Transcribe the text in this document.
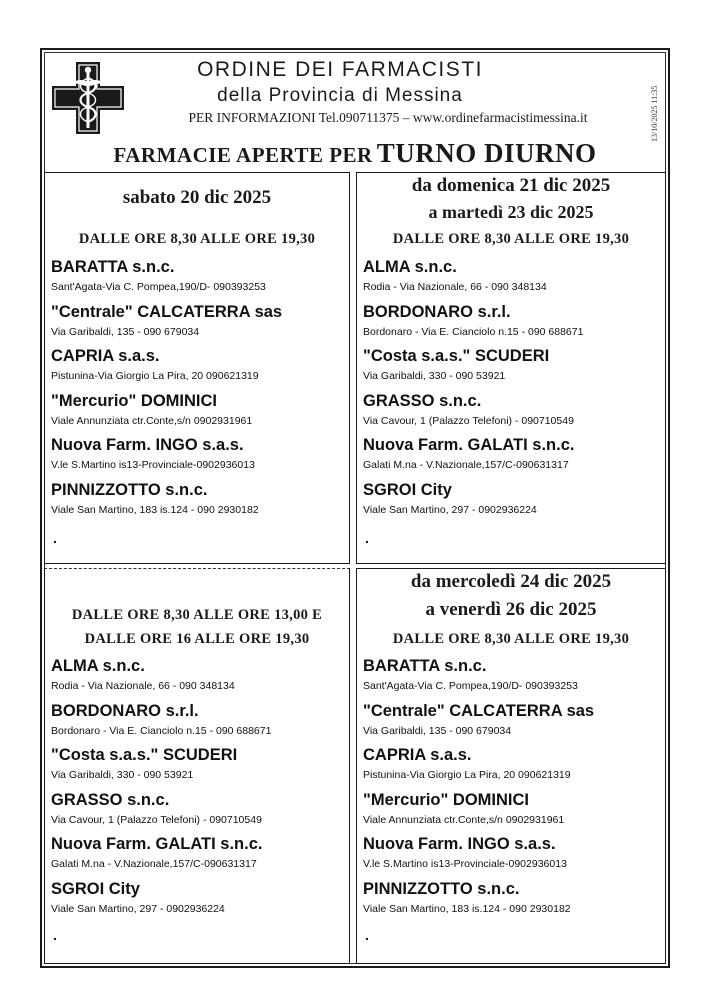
ORDINE DEI FARMACISTI
della Provincia di Messina
PER INFORMAZIONI Tel.090711375 – www.ordinefarmacistimessina.it	13/10/2025 11:35
FARMACIE APERTE PER TURNO DIURNO
sabato 20 dic 2025
DALLE ORE 8,30 ALLE ORE 19,30
BARATTA s.n.c.
Sant'Agata-Via C. Pompea,190/D- 090393253
"Centrale" CALCATERRA sas
Via Garibaldi, 135 - 090 679034
CAPRIA s.a.s.
Pistunina-Via Giorgio La Pira, 20 090621319
"Mercurio" DOMINICI
Viale Annunziata ctr.Conte,s/n 0902931961
Nuova Farm. INGO s.a.s.
V.le S.Martino is13-Provinciale-0902936013
PINNIZZOTTO s.n.c.
Viale San Martino, 183 is.124 - 090 2930182
.
da domenica 21 dic 2025
a martedì 23 dic 2025
DALLE ORE 8,30 ALLE ORE 19,30
ALMA s.n.c.
Rodia - Via Nazionale, 66 - 090 348134
BORDONARO s.r.l.
Bordonaro - Via E. Cianciolo n.15 - 090 688671
"Costa s.a.s." SCUDERI
Via Garibaldi, 330 - 090 53921
GRASSO s.n.c.
Via Cavour, 1 (Palazzo Telefoni) - 090710549
Nuova Farm. GALATI s.n.c.
Galati M.na - V.Nazionale,157/C-090631317
SGROI City
Viale San Martino, 297 - 0902936224
.
DALLE ORE 8,30 ALLE ORE 13,00 E
DALLE ORE 16 ALLE ORE 19,30
ALMA s.n.c.
Rodia - Via Nazionale, 66 - 090 348134
BORDONARO s.r.l.
Bordonaro - Via E. Cianciolo n.15 - 090 688671
"Costa s.a.s." SCUDERI
Via Garibaldi, 330 - 090 53921
GRASSO s.n.c.
Via Cavour, 1 (Palazzo Telefoni) - 090710549
Nuova Farm. GALATI s.n.c.
Galati M.na - V.Nazionale,157/C-090631317
SGROI City
Viale San Martino, 297 - 0902936224
.
da mercoledì 24 dic 2025
a venerdì 26 dic 2025
DALLE ORE 8,30 ALLE ORE 19,30
BARATTA s.n.c.
Sant'Agata-Via C. Pompea,190/D- 090393253
"Centrale" CALCATERRA sas
Via Garibaldi, 135 - 090 679034
CAPRIA s.a.s.
Pistunina-Via Giorgio La Pira, 20 090621319
"Mercurio" DOMINICI
Viale Annunziata ctr.Conte,s/n 0902931961
Nuova Farm. INGO s.a.s.
V.le S.Martino is13-Provinciale-0902936013
PINNIZZOTTO s.n.c.
Viale San Martino, 183 is.124 - 090 2930182
.
